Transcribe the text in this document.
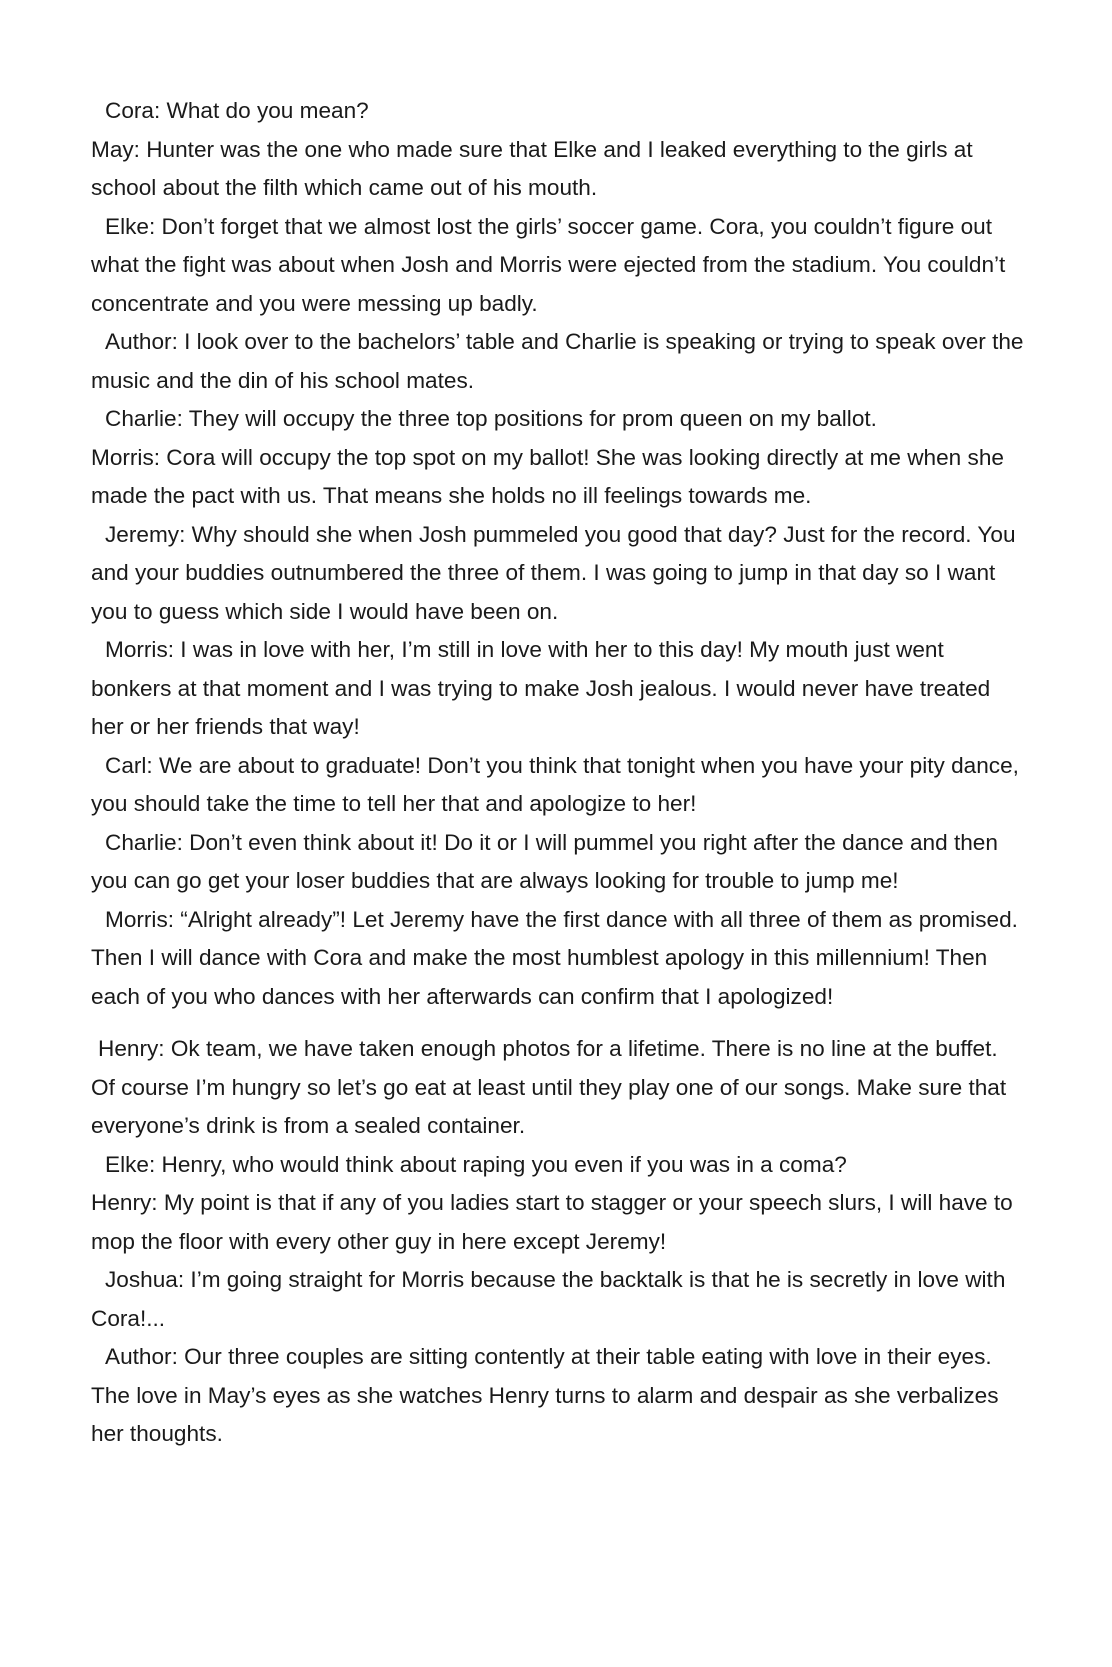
Cora: What do you mean?

May: Hunter was the one who made sure that Elke and I leaked everything to the girls at school about the filth which came out of his mouth.

Elke: Don’t forget that we almost lost the girls’ soccer game. Cora, you couldn’t figure out what the fight was about when Josh and Morris were ejected from the stadium. You couldn’t concentrate and you were messing up badly.

Author: I look over to the bachelors’ table and Charlie is speaking or trying to speak over the music and the din of his school mates.

Charlie: They will occupy the three top positions for prom queen on my ballot.

Morris: Cora will occupy the top spot on my ballot! She was looking directly at me when she made the pact with us. That means she holds no ill feelings towards me.

Jeremy: Why should she when Josh pummeled you good that day? Just for the record. You and your buddies outnumbered the three of them. I was going to jump in that day so I want you to guess which side I would have been on.

Morris: I was in love with her, I’m still in love with her to this day! My mouth just went bonkers at that moment and I was trying to make Josh jealous. I would never have treated her or her friends that way!

Carl: We are about to graduate! Don’t you think that tonight when you have your pity dance, you should take the time to tell her that and apologize to her!

Charlie: Don’t even think about it! Do it or I will pummel you right after the dance and then you can go get your loser buddies that are always looking for trouble to jump me!

Morris: “Alright already”! Let Jeremy have the first dance with all three of them as promised. Then I will dance with Cora and make the most humblest apology in this millennium! Then each of you who dances with her afterwards can confirm that I apologized!

Henry: Ok team, we have taken enough photos for a lifetime. There is no line at the buffet. Of course I’m hungry so let’s go eat at least until they play one of our songs. Make sure that everyone’s drink is from a sealed container.

Elke: Henry, who would think about raping you even if you was in a coma?

Henry: My point is that if any of you ladies start to stagger or your speech slurs, I will have to mop the floor with every other guy in here except Jeremy!

Joshua: I’m going straight for Morris because the backtalk is that he is secretly in love with Cora!...

Author: Our three couples are sitting contently at their table eating with love in their eyes. The love in May’s eyes as she watches Henry turns to alarm and despair as she verbalizes her thoughts.
